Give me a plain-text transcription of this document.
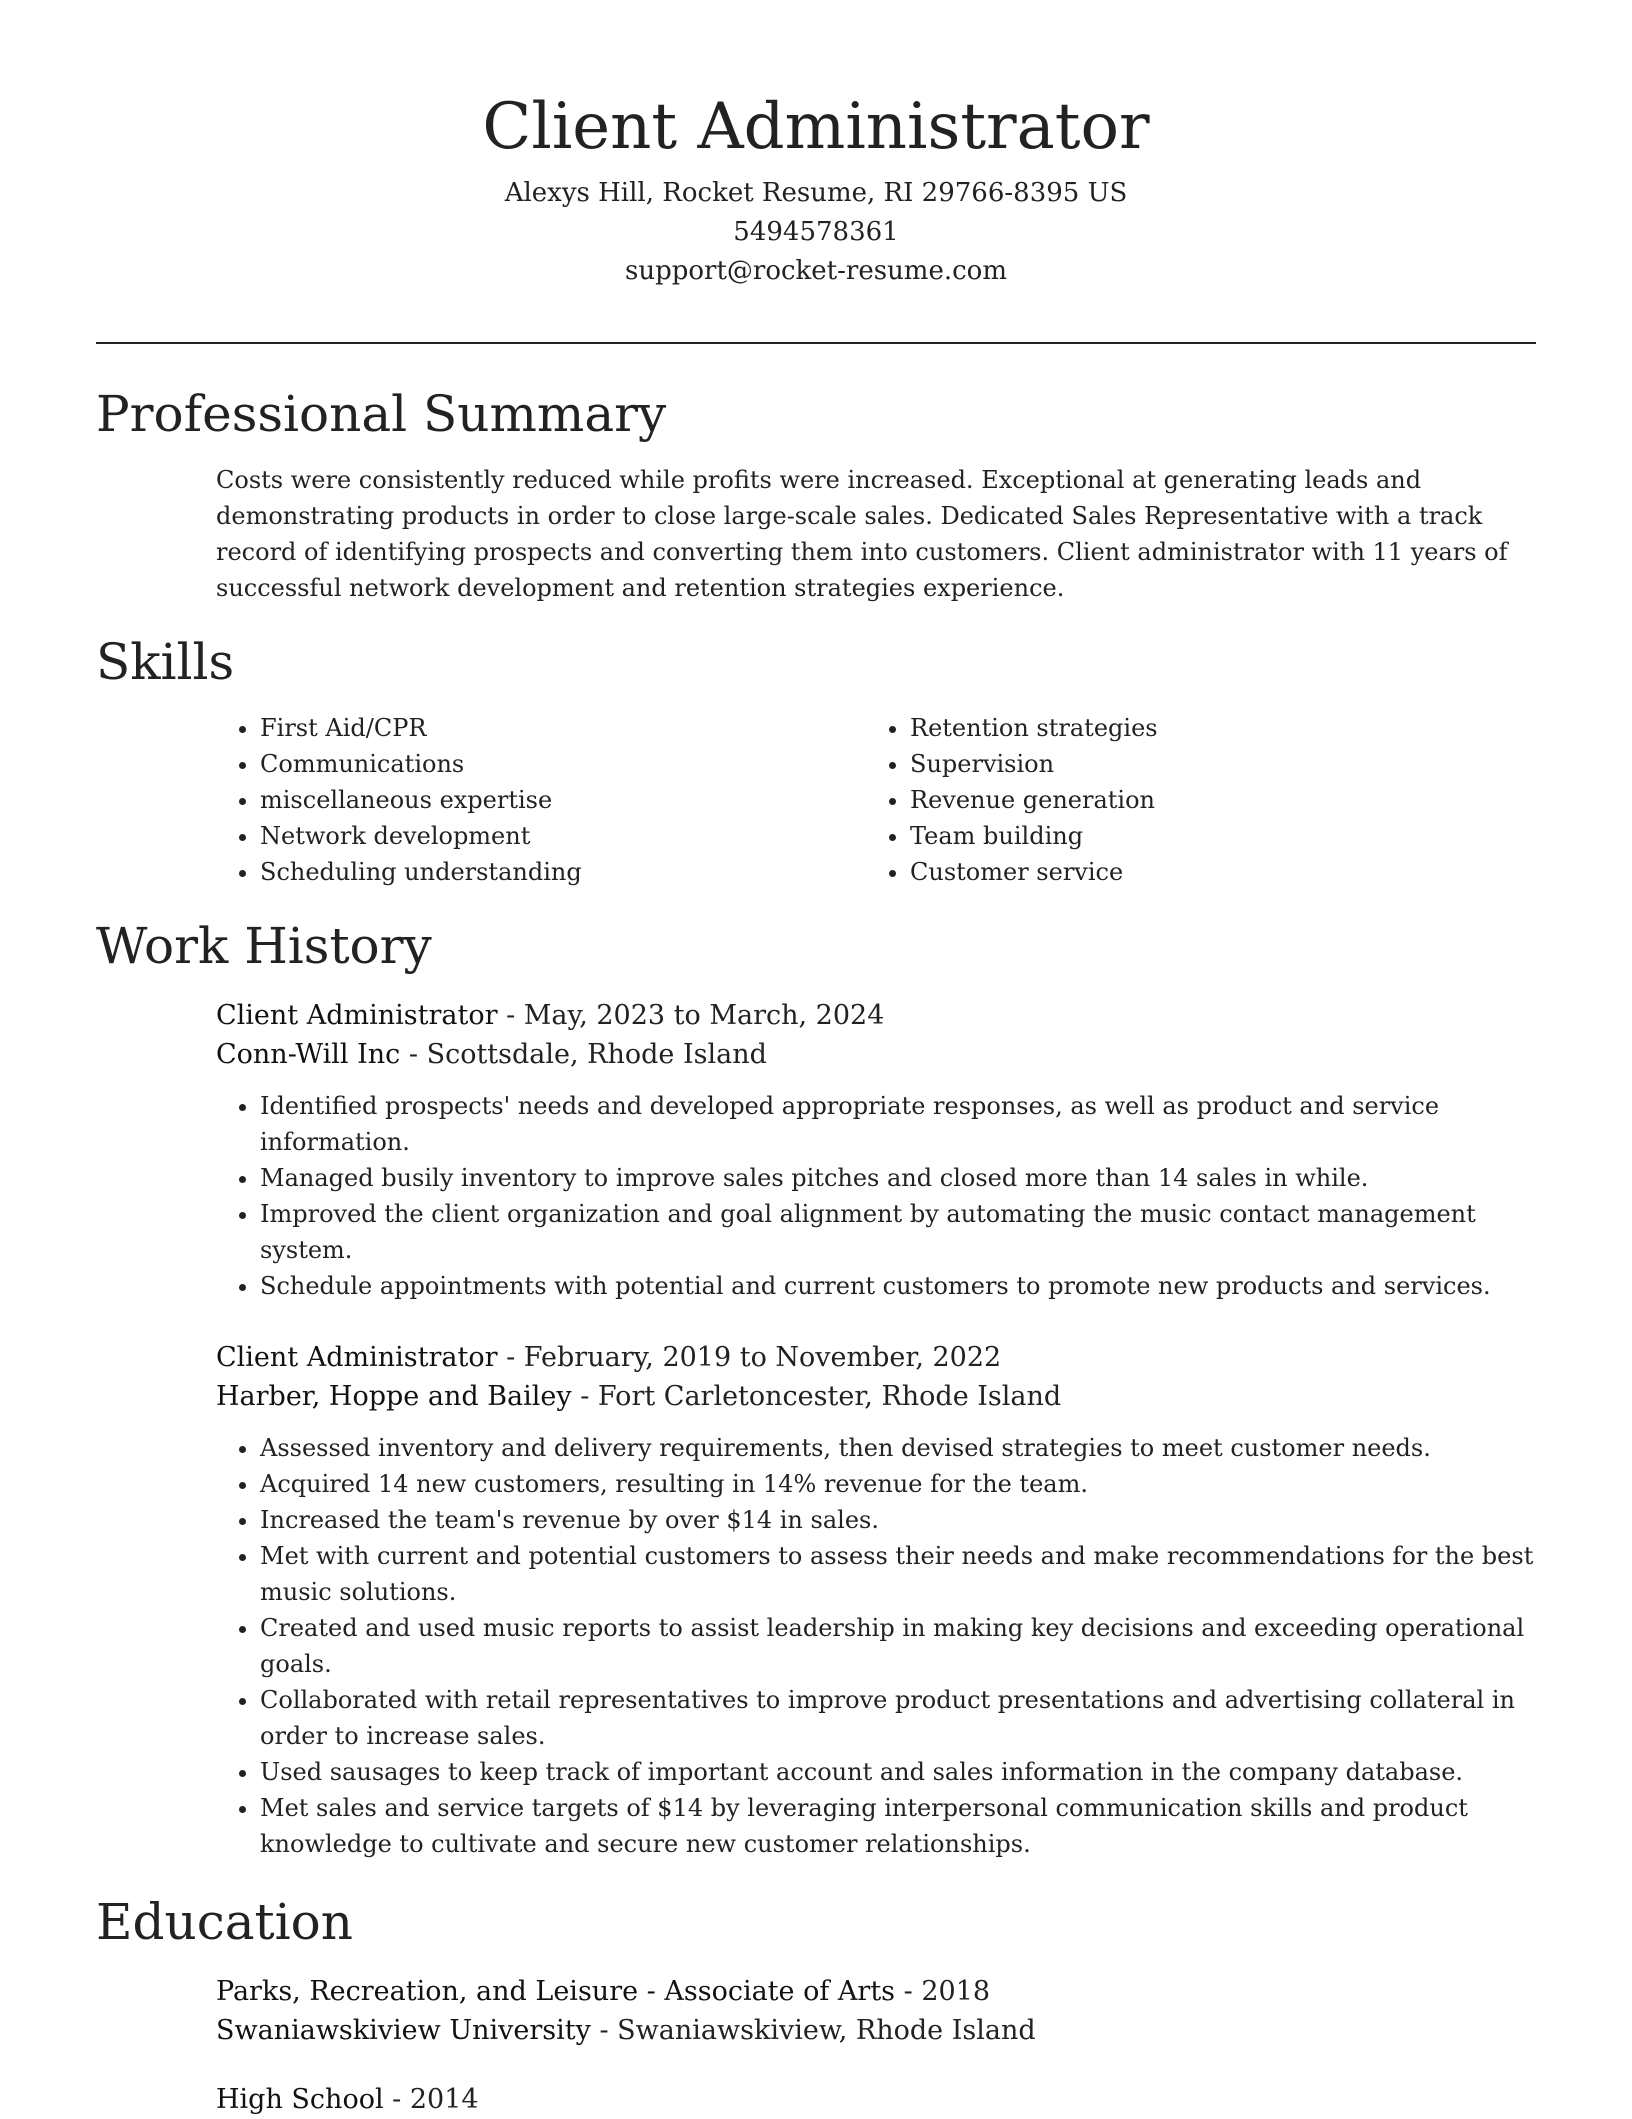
Client Administrator
Alexys Hill, Rocket Resume, RI 29766-8395 US
5494578361
support@rocket-resume.com
Professional Summary
Costs were consistently reduced while profits were increased. Exceptional at generating leads and demonstrating products in order to close large-scale sales. Dedicated Sales Representative with a track record of identifying prospects and converting them into customers. Client administrator with 11 years of successful network development and retention strategies experience.
Skills
• First Aid/CPR
• Communications
• miscellaneous expertise
• Network development
• Scheduling understanding
• Retention strategies
• Supervision
• Revenue generation
• Team building
• Customer service
Work History
Client Administrator - May, 2023 to March, 2024
Conn-Will Inc - Scottsdale, Rhode Island
• Identified prospects' needs and developed appropriate responses, as well as product and service information.
• Managed busily inventory to improve sales pitches and closed more than 14 sales in while.
• Improved the client organization and goal alignment by automating the music contact management system.
• Schedule appointments with potential and current customers to promote new products and services.
Client Administrator - February, 2019 to November, 2022
Harber, Hoppe and Bailey - Fort Carletoncester, Rhode Island
• Assessed inventory and delivery requirements, then devised strategies to meet customer needs.
• Acquired 14 new customers, resulting in 14% revenue for the team.
• Increased the team's revenue by over $14 in sales.
• Met with current and potential customers to assess their needs and make recommendations for the best music solutions.
• Created and used music reports to assist leadership in making key decisions and exceeding operational goals.
• Collaborated with retail representatives to improve product presentations and advertising collateral in order to increase sales.
• Used sausages to keep track of important account and sales information in the company database.
• Met sales and service targets of $14 by leveraging interpersonal communication skills and product knowledge to cultivate and secure new customer relationships.
Education
Parks, Recreation, and Leisure - Associate of Arts - 2018
Swaniawskiview University - Swaniawskiview, Rhode Island
High School - 2014
